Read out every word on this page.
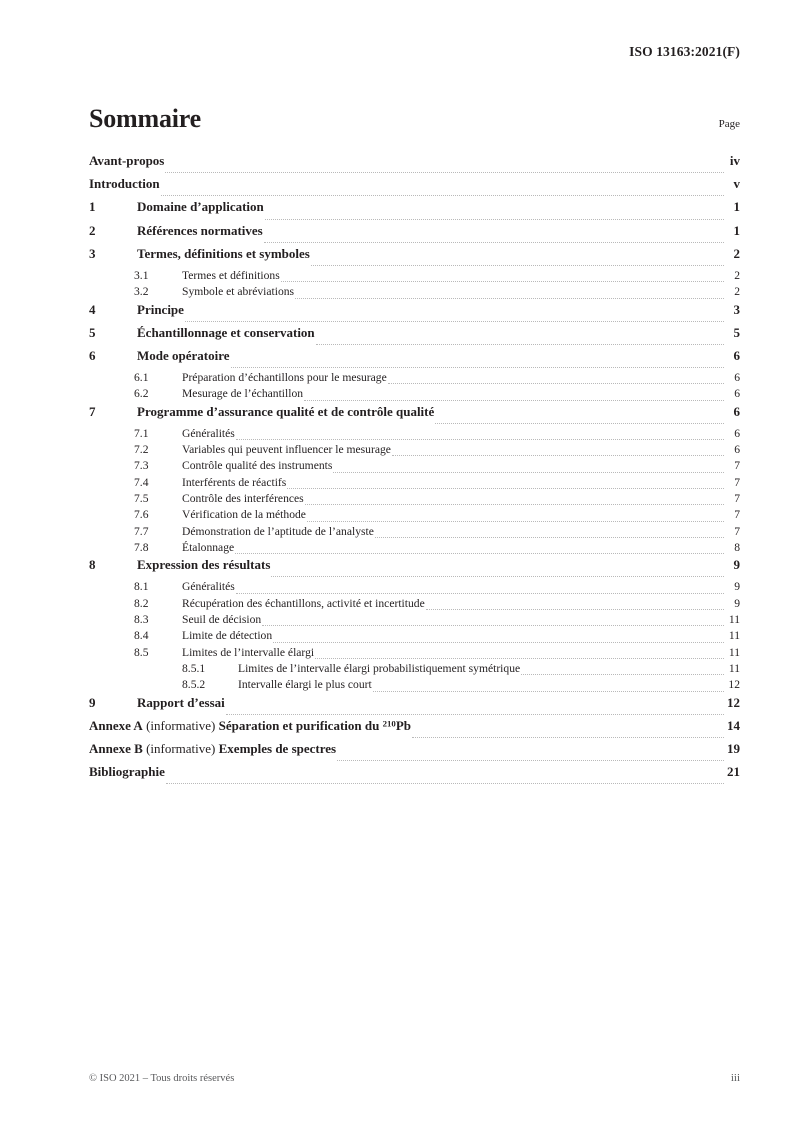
ISO 13163:2021(F)
Sommaire	Page
Avant-propos	iv
Introduction	v
1	Domaine d’application	1
2	Références normatives	1
3	Termes, définitions et symboles	2
3.1	Termes et définitions	2
3.2	Symbole et abréviations	2
4	Principe	3
5	Échantillonnage et conservation	5
6	Mode opératoire	6
6.1	Préparation d’échantillons pour le mesurage	6
6.2	Mesurage de l’échantillon	6
7	Programme d’assurance qualité et de contrôle qualité	6
7.1	Généralités	6
7.2	Variables qui peuvent influencer le mesurage	6
7.3	Contrôle qualité des instruments	7
7.4	Interférents de réactifs	7
7.5	Contrôle des interférences	7
7.6	Vérification de la méthode	7
7.7	Démonstration de l’aptitude de l’analyste	7
7.8	Étalonnage	8
8	Expression des résultats	9
8.1	Généralités	9
8.2	Récupération des échantillons, activité et incertitude	9
8.3	Seuil de décision	11
8.4	Limite de détection	11
8.5	Limites de l’intervalle élargi	11
8.5.1	Limites de l’intervalle élargi probabilistiquement symétrique	11
8.5.2	Intervalle élargi le plus court	12
9	Rapport d’essai	12
Annexe A (informative) Séparation et purification du $^{210}$Pb	14
Annexe B (informative) Exemples de spectres	19
Bibliographie	21
© ISO 2021 – Tous droits réservés	iii
